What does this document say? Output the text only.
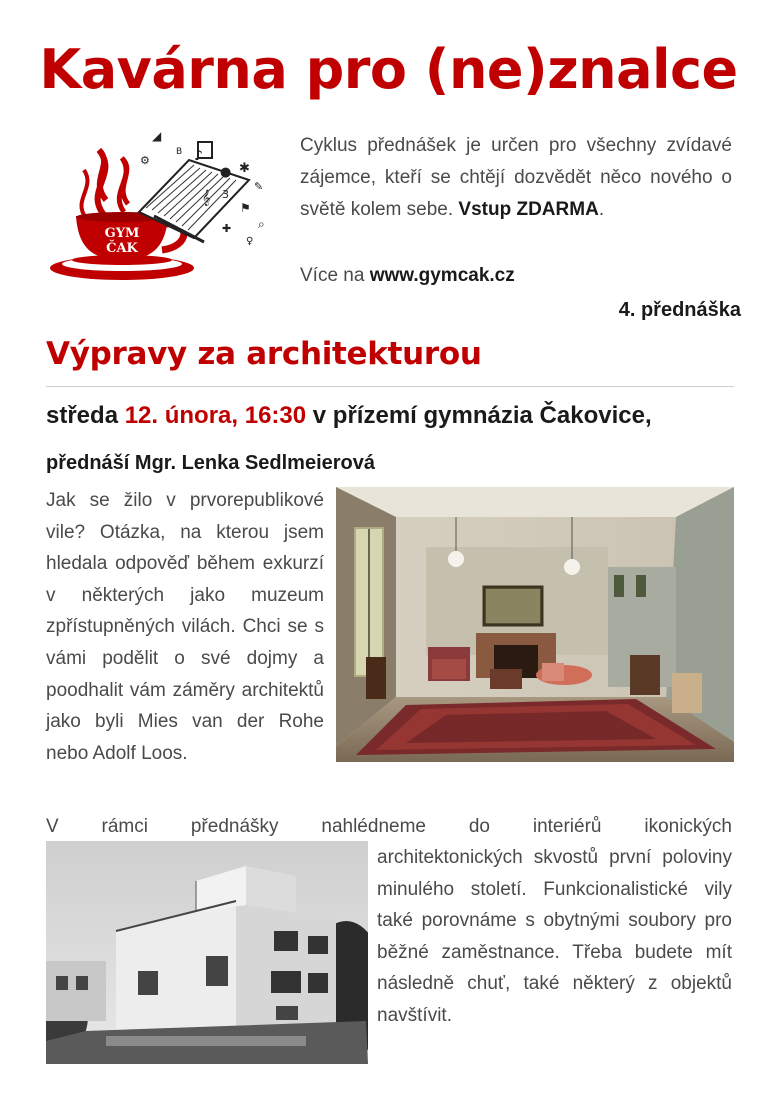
Kavárna pro (ne)znalce
GYM
ČAK
◢
B ♪
⚙
● ✱
𝄞 3
✎
⚑
⌕
✚
♀
Cyklus přednášek je určen pro všechny zvídavé zájemce, kteří se chtějí dozvědět něco nového o světě kolem sebe. Vstup ZDARMA.
Více na www.gymcak.cz
4. přednáška
Výpravy za architekturou
středa 12. února, 16:30 v přízemí gymnázia Čakovice,
přednáší Mgr. Lenka Sedlmeierová
Jak se žilo v prvorepublikové vile? Otázka, na kterou jsem hledala odpověď během exkurzí v některých jako muzeum zpřístupněných vilách. Chci se s vámi podělit o své dojmy a poodhalit vám záměry architektů jako byli Mies van der Rohe nebo Adolf Loos.
V rámci přednášky nahlédneme do interiérů ikonických
architektonických skvostů první poloviny minulého století. Funkcionalistické vily také porovnáme s obytnými soubory pro běžné zaměstnance. Třeba budete mít následně chuť, také některý z objektů navštívit.
